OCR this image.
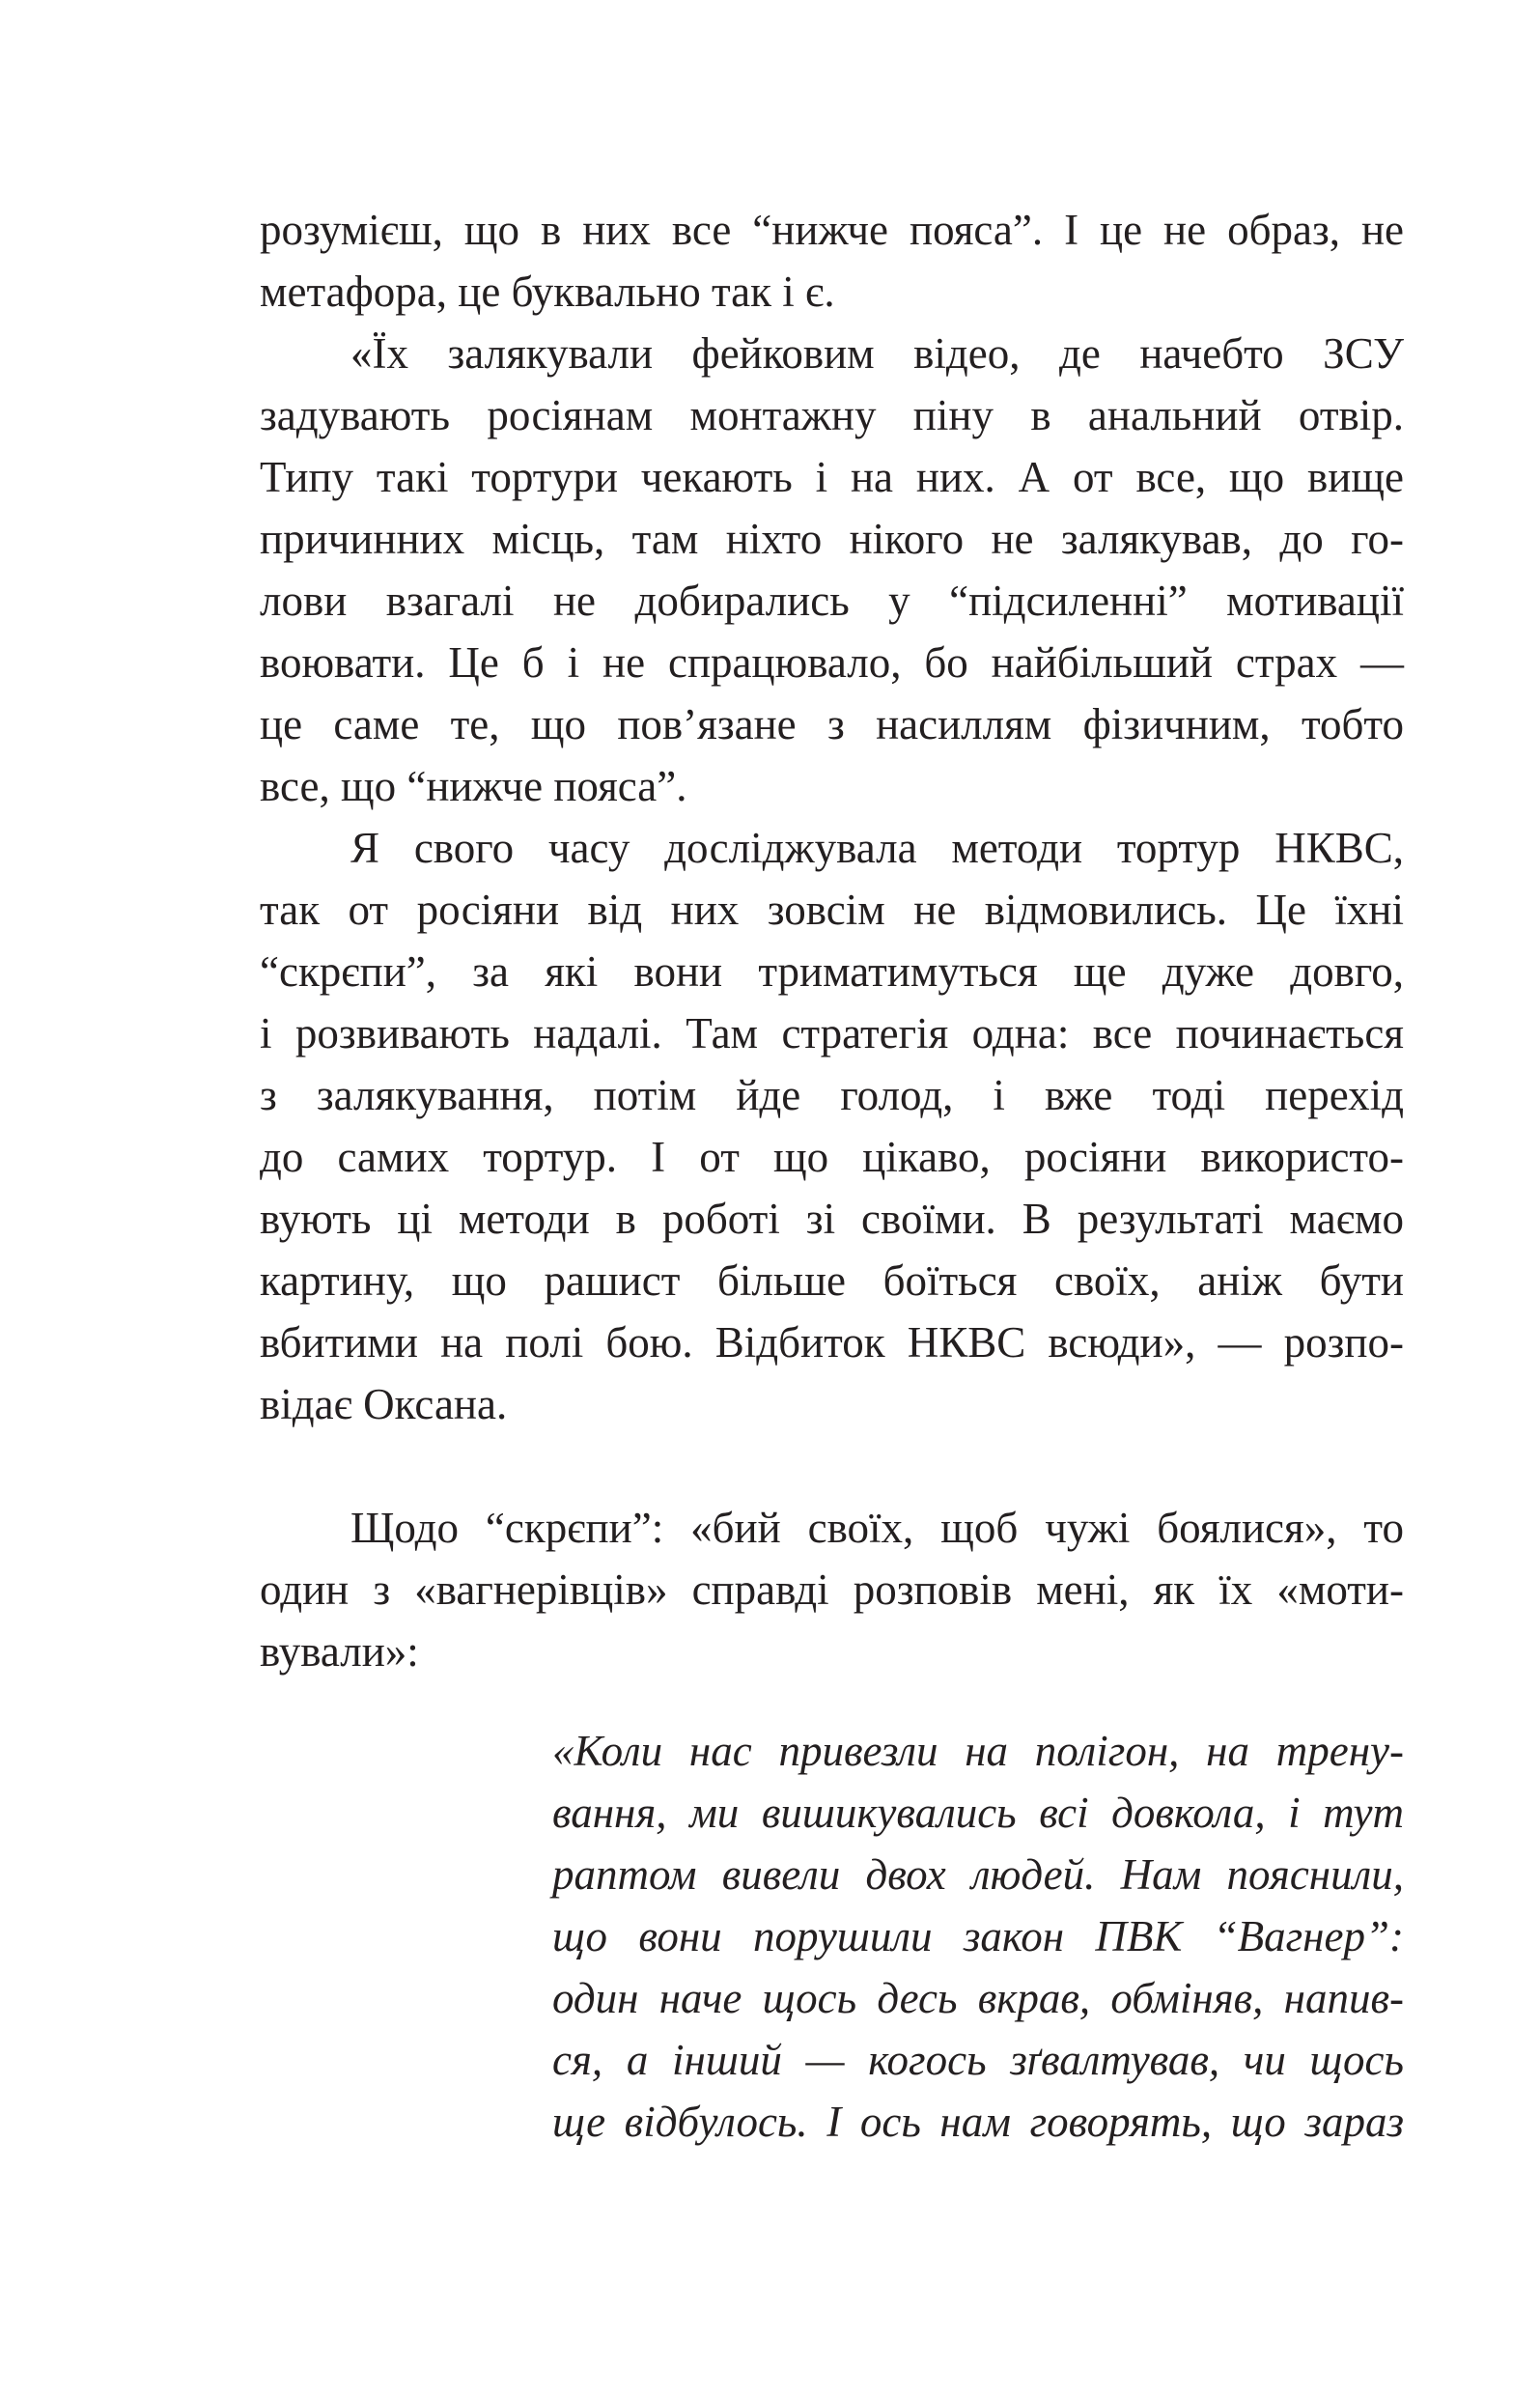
розумієш, що в них все “нижче пояса”. І це не образ, не

метафора, це буквально так і є.

«Їх залякували фейковим відео, де начебто ЗСУ

задувають росіянам монтажну піну в анальний отвір.

Типу такі тортури чекають і на них. А от все, що вище

причинних місць, там ніхто нікого не залякував, до го-

лови взагалі не добирались у “підсиленні” мотивації

воювати. Це б і не спрацювало, бо найбільший страх —

це саме те, що пов’язане з насиллям фізичним, тобто

все, що “нижче пояса”.

Я свого часу досліджувала методи тортур НКВС,

так от росіяни від них зовсім не відмовились. Це їхні

“скрєпи”, за які вони триматимуться ще дуже довго,

і розвивають надалі. Там стратегія одна: все починається

з залякування, потім йде голод, і вже тоді перехід

до самих тортур. І от що цікаво, росіяни використо-

вують ці методи в роботі зі своїми. В результаті маємо

картину, що рашист більше боїться своїх, аніж бути

вбитими на полі бою. Відбиток НКВС всюди», — розпо-

відає Оксана.

Щодо “скрєпи”: «бий своїх, щоб чужі боялися», то

один з «вагнерівців» справді розповів мені, як їх «моти-

вували»:

«Коли нас привезли на полігон, на трену-

вання, ми вишикувались всі довкола, і тут

раптом вивели двох людей. Нам пояснили,

що вони порушили закон ПВК “Вагнер”:

один наче щось десь вкрав, обміняв, напив-

ся, а інший — когось зґвалтував, чи щось

ще відбулось. І ось нам говорять, що зараз
